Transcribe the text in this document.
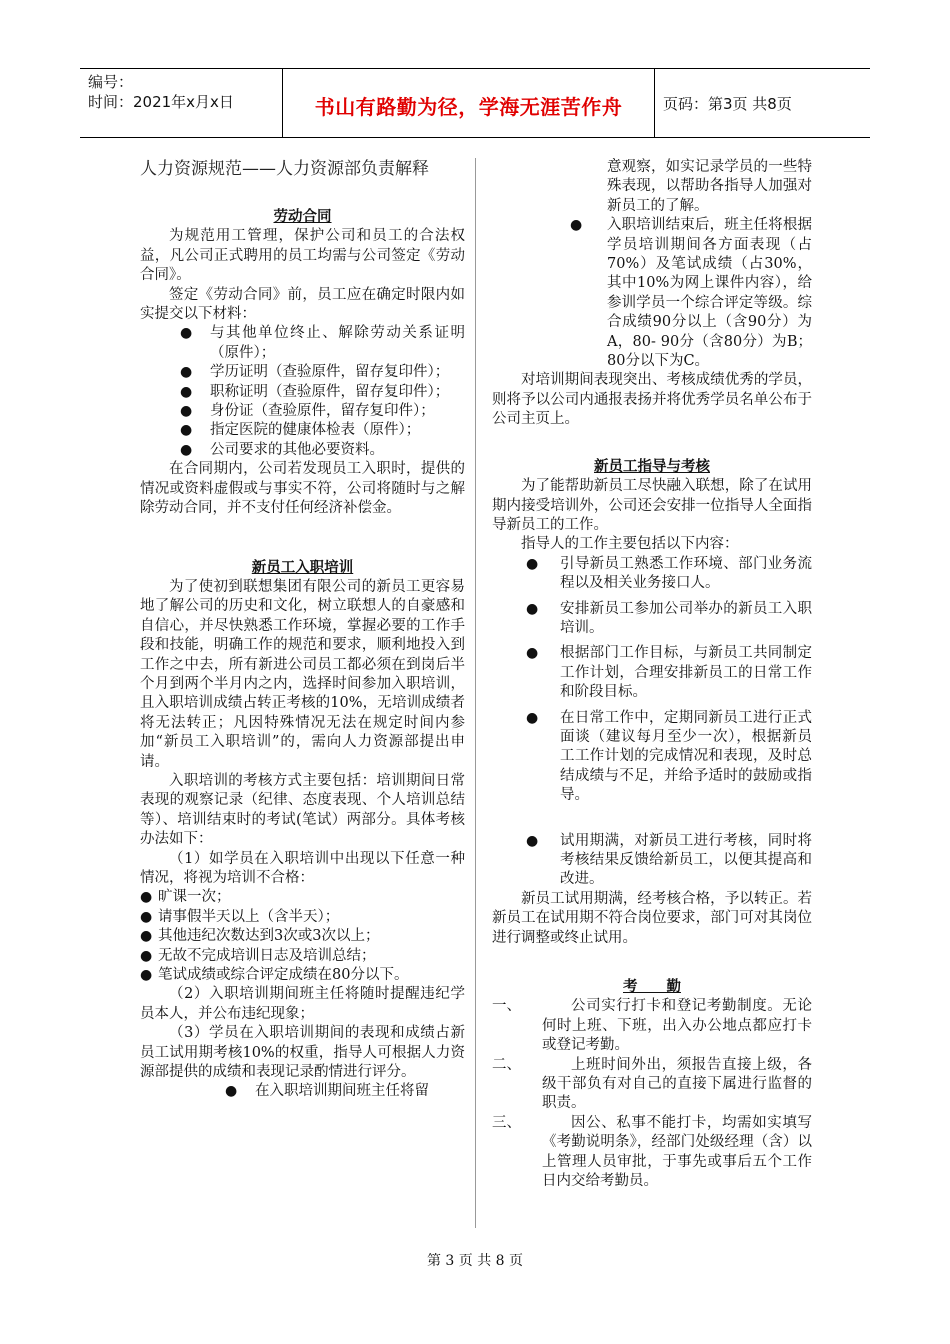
编号：
时间：2021年x月x日	书山有路勤为径，学海无涯苦作舟	页码：第3页 共8页

人力资源规范——人力资源部负责解释

劳动合同

为规范用工管理，保护公司和员工的合法权益，凡公司正式聘用的员工均需与公司签定《劳动合同》。

签定《劳动合同》前，员工应在确定时限内如实提交以下材料：

● 与其他单位终止、解除劳动关系证明（原件）；
● 学历证明（查验原件，留存复印件）；
● 职称证明（查验原件，留存复印件）；
● 身份证（查验原件，留存复印件）；
● 指定医院的健康体检表（原件）；
● 公司要求的其他必要资料。

在合同期内，公司若发现员工入职时，提供的情况或资料虚假或与事实不符，公司将随时与之解除劳动合同，并不支付任何经济补偿金。

新员工入职培训

为了使初到联想集团有限公司的新员工更容易地了解公司的历史和文化，树立联想人的自豪感和自信心，并尽快熟悉工作环境，掌握必要的工作手段和技能，明确工作的规范和要求，顺利地投入到工作之中去，所有新进公司员工都必须在到岗后半个月到两个半月内之内，选择时间参加入职培训，且入职培训成绩占转正考核的10%，无培训成绩者将无法转正；凡因特殊情况无法在规定时间内参加“新员工入职培训”的，需向人力资源部提出申请。

入职培训的考核方式主要包括：培训期间日常表现的观察记录（纪律、态度表现、个人培训总结等）、培训结束时的考试(笔试）两部分。具体考核办法如下：

（1）如学员在入职培训中出现以下任意一种情况，将视为培训不合格：

● 旷课一次；
● 请事假半天以上（含半天）；
● 其他违纪次数达到3次或3次以上；
● 无故不完成培训日志及培训总结；
● 笔试成绩或综合评定成绩在80分以下。

（2）入职培训期间班主任将随时提醒违纪学员本人，并公布违纪现象；

（3）学员在入职培训期间的表现和成绩占新员工试用期考核10%的权重，指导人可根据人力资源部提供的成绩和表现记录酌情进行评分。

● 在入职培训期间班主任将留
意观察，如实记录学员的一些特殊表现，以帮助各指导人加强对新员工的了解。
● 入职培训结束后，班主任将根据学员培训期间各方面表现（占70%）及笔试成绩（占30%，其中10%为网上课件内容），给参训学员一个综合评定等级。综合成绩90分以上（含90分）为A，80- 90分（含80分）为B；80分以下为C。

对培训期间表现突出、考核成绩优秀的学员，则将予以公司内通报表扬并将优秀学员名单公布于公司主页上。

新员工指导与考核

为了能帮助新员工尽快融入联想，除了在试用期内接受培训外，公司还会安排一位指导人全面指导新员工的工作。

指导人的工作主要包括以下内容：

● 引导新员工熟悉工作环境、部门业务流程以及相关业务接口人。
● 安排新员工参加公司举办的新员工入职培训。
● 根据部门工作目标，与新员工共同制定工作计划，合理安排新员工的日常工作和阶段目标。
● 在日常工作中，定期同新员工进行正式面谈（建议每月至少一次），根据新员工工作计划的完成情况和表现，及时总结成绩与不足，并给予适时的鼓励或指导。
● 试用期满，对新员工进行考核，同时将考核结果反馈给新员工，以便其提高和改进。

新员工试用期满，经考核合格，予以转正。若新员工在试用期不符合岗位要求，部门可对其岗位进行调整或终止试用。

考　　勤

一、	公司实行打卡和登记考勤制度。无论何时上班、下班，出入办公地点都应打卡或登记考勤。
二、	上班时间外出，须报告直接上级，各级干部负有对自己的直接下属进行监督的职责。
三、	因公、私事不能打卡，均需如实填写《考勤说明条》，经部门处级经理（含）以上管理人员审批，于事先或事后五个工作日内交给考勤员。
第 3 页 共 8 页
